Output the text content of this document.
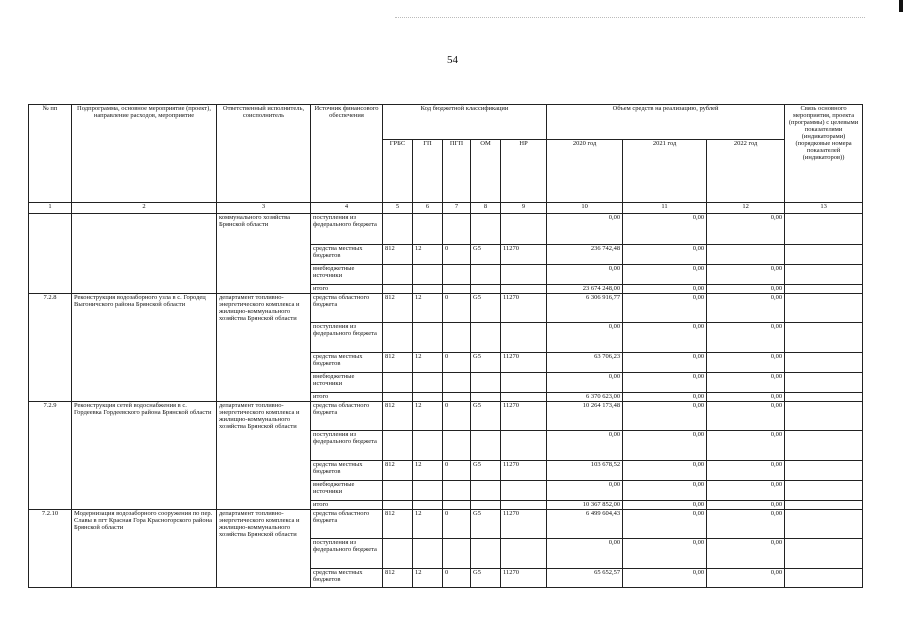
54
№ пп	Подпрограмма, основное мероприятие (проект), направление расходов, мероприятие	Ответственный исполнитель, соисполнитель	Источник финансового обеспечения	Код бюджетной классификации					Объем средств на реализацию, рублей			Связь основного мероприятия, проекта (программы) с целевыми показателями (индикаторами) (порядковые номера показателей (индикаторов))
				ГРБС	ГП	ПГП	ОМ	НР	2020 год	2021 год	2022 год	
1	2	3	4	5	6	7	8	9	10	11	12	13
		коммунального хозяйства Брянской области	поступления из федерального бюджета						0,00	0,00	0,00	
			средства местных бюджетов	812	12	0	G5	11270	236 742,48	0,00		
			внебюджетные источники						0,00	0,00	0,00	
			итого						23 674 248,00	0,00	0,00	
7.2.8	Реконструкция водозаборного узла в с. Городец Выгоничского района Брянской области	департамент топливно-энергетического комплекса и жилищно-коммунального хозяйства Брянской области	средства областного бюджета	812	12	0	G5	11270	6 306 916,77	0,00	0,00	
			поступления из федерального бюджета						0,00	0,00	0,00	
			средства местных бюджетов	812	12	0	G5	11270	63 706,23	0,00	0,00	
			внебюджетные источники						0,00	0,00	0,00	
			итого						6 370 623,00	0,00	0,00	
7.2.9	Реконструкция сетей водоснабжения в с. Гордеевка Гордеевского района Брянской области	департамент топливно-энергетического комплекса и жилищно-коммунального хозяйства Брянской области	средства областного бюджета	812	12	0	G5	11270	10 264 173,48	0,00	0,00	
			поступления из федерального бюджета						0,00	0,00	0,00	
			средства местных бюджетов	812	12	0	G5	11270	103 678,52	0,00	0,00	
			внебюджетные источники						0,00	0,00	0,00	
			итого						10 367 852,00	0,00	0,00	
7.2.10	Модернизация водозаборного сооружения по пер. Славы в пгт Красная Гора Красногорского района Брянской области	департамент топливно-энергетического комплекса и жилищно-коммунального хозяйства Брянской области	средства областного бюджета	812	12	0	G5	11270	6 499 604,43	0,00	0,00	
			поступления из федерального бюджета						0,00	0,00	0,00	
			средства местных бюджетов	812	12	0	G5	11270	65 652,57	0,00	0,00	
